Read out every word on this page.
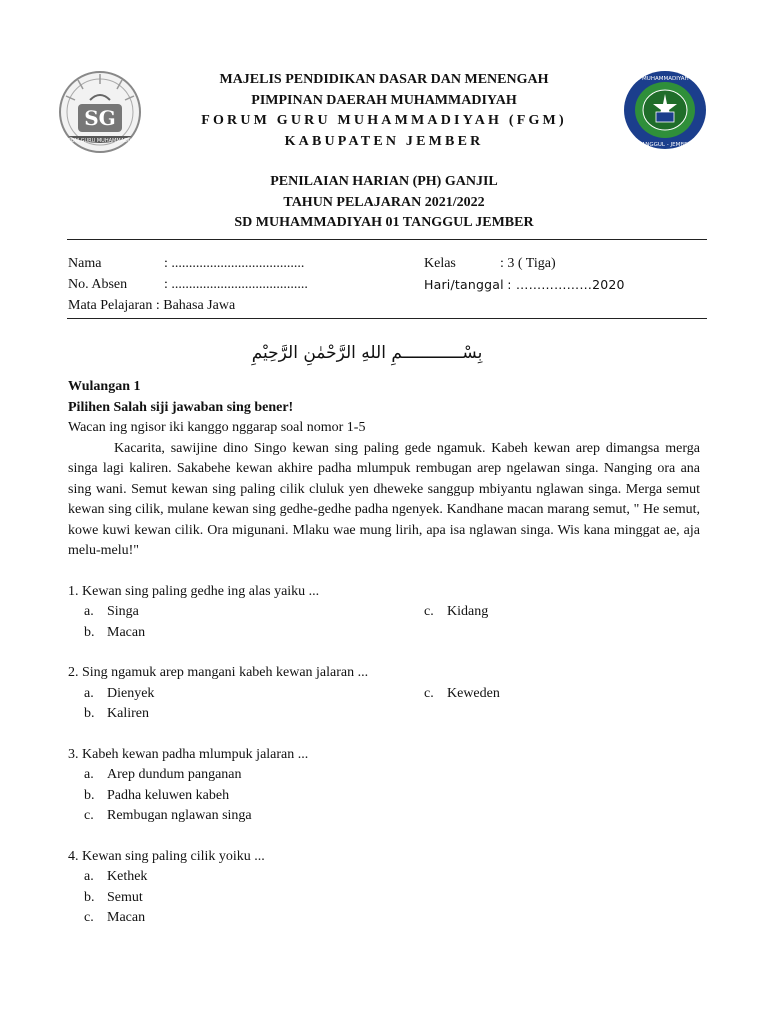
SG
FORUM GURU MUHAMMADIYAH
MAJELIS PENDIDIKAN DASAR DAN MENENGAH
PIMPINAN DAERAH MUHAMMADIYAH
FORUM GURU MUHAMMADIYAH (FGM)
KABUPATEN JEMBER
SD MUHAMMADIYAH 01
TANGGUL - JEMBER
PENILAIAN HARIAN (PH) GANJIL
TAHUN PELAJARAN 2021/2022
SD MUHAMMADIYAH 01 TANGGUL JEMBER
Nama	: ......................................
No. Absen	: .......................................
Mata Pelajaran : Bahasa Jawa
Kelas	: 3 ( Tiga)
Hari/tanggal : ………………2020
بِسْــــــــــــمِ اللهِ الرَّحْمٰنِ الرَّحِيْمِ
Wulangan 1
Pilihen Salah siji jawaban sing bener!
Wacan ing ngisor iki kanggo nggarap soal nomor 1-5

Kacarita, sawijine dino Singo kewan sing paling gede ngamuk. Kabeh kewan arep dimangsa merga singa lagi kaliren. Sakabehe kewan akhire padha mlumpuk rembugan arep ngelawan singa. Nanging ora ana sing wani. Semut kewan sing paling cilik cluluk yen dheweke sanggup mbiyantu nglawan singa. Merga semut kewan sing cilik, mulane kewan sing gedhe-gedhe padha ngenyek. Kandhane macan marang semut, " He semut, kowe kuwi kewan cilik. Ora migunani. Mlaku wae mung lirih, apa isa nglawan singa. Wis kana minggat ae, aja melu-melu!"

1. Kewan sing paling gedhe ing alas yaiku ...
a. Singa	c. Kidang
b. Macan
2. Sing ngamuk arep mangani kabeh kewan jalaran ...
a. Dienyek	c. Keweden
b. Kaliren
3. Kabeh kewan padha mlumpuk jalaran ...
a. Arep dundum panganan
b. Padha keluwen kabeh
c. Rembugan nglawan singa
4. Kewan sing paling cilik yoiku ...
a. Kethek
b. Semut
c. Macan
